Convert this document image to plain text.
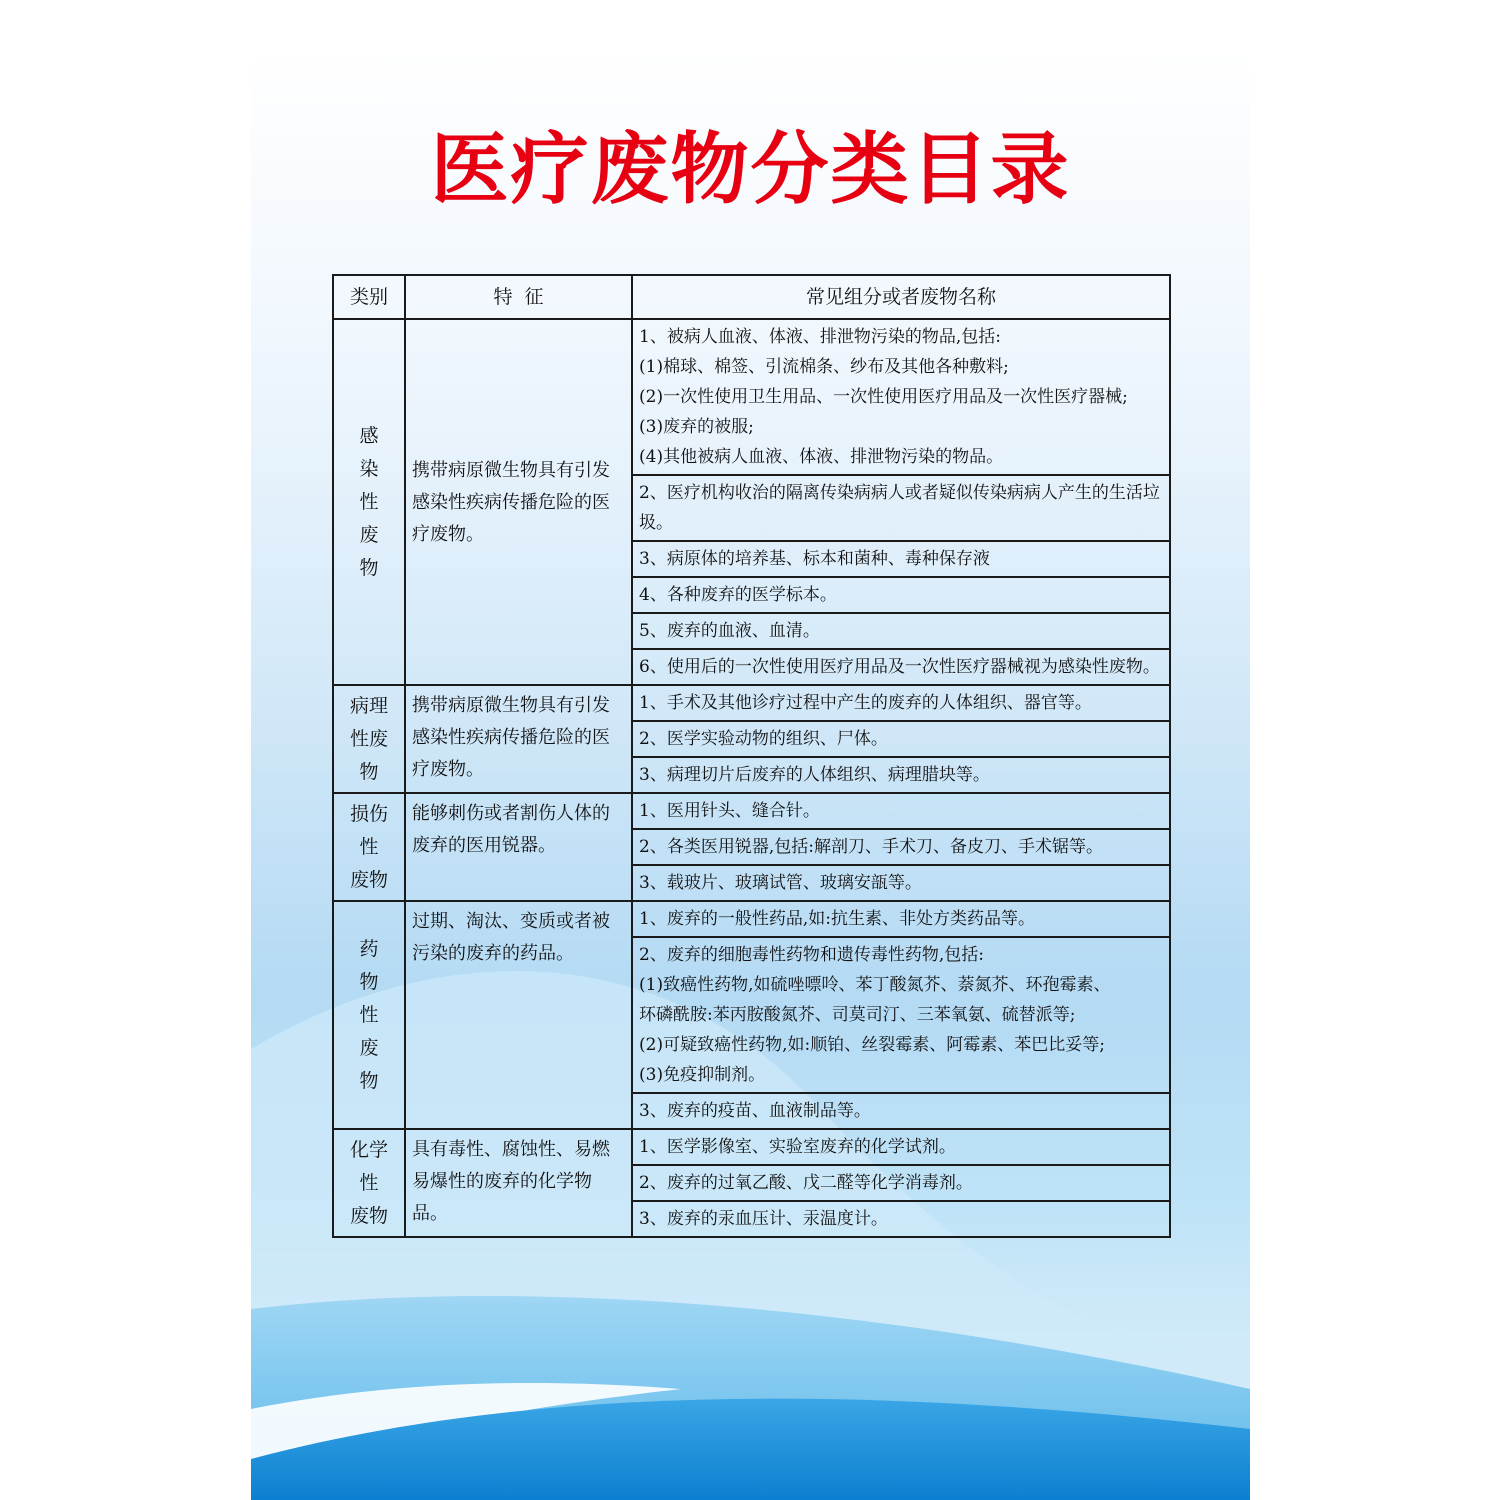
医疗废物分类目录
类别	特  征	常见组分或者废物名称

感
染
性
废
物	携带病原微生物具有引发感染性疾病传播危险的医疗废物。	1、被病人血液、体液、排泄物污染的物品,包括:
(1)棉球、棉签、引流棉条、纱布及其他各种敷料;
(2)一次性使用卫生用品、一次性使用医疗用品及一次性医疗器械;
(3)废弃的被服;
(4)其他被病人血液、体液、排泄物污染的物品。

		2、医疗机构收治的隔离传染病病人或者疑似传染病病人产生的生活垃圾。

		3、病原体的培养基、标本和菌种、毒种保存液

		4、各种废弃的医学标本。

		5、废弃的血液、血清。

		6、使用后的一次性使用医疗用品及一次性医疗器械视为感染性废物。

病理
性废
物	携带病原微生物具有引发感染性疾病传播危险的医疗废物。	1、手术及其他诊疗过程中产生的废弃的人体组织、器官等。

		2、医学实验动物的组织、尸体。

		3、病理切片后废弃的人体组织、病理腊块等。

损伤
性
废物	能够刺伤或者割伤人体的废弃的医用锐器。	1、医用针头、缝合针。

		2、各类医用锐器,包括:解剖刀、手术刀、备皮刀、手术锯等。

		3、载玻片、玻璃试管、玻璃安瓿等。

药
物
性
废
物	过期、淘汰、变质或者被污染的废弃的药品。	1、废弃的一般性药品,如:抗生素、非处方类药品等。

		2、废弃的细胞毒性药物和遗传毒性药物,包括:
(1)致癌性药物,如硫唑嘌呤、苯丁酸氮芥、萘氮芥、环孢霉素、
环磷酰胺:苯丙胺酸氮芥、司莫司汀、三苯氧氨、硫替派等;
(2)可疑致癌性药物,如:顺铂、丝裂霉素、阿霉素、苯巴比妥等;
(3)免疫抑制剂。

		3、废弃的疫苗、血液制品等。

化学
性
废物	具有毒性、腐蚀性、易燃易爆性的废弃的化学物品。	1、医学影像室、实验室废弃的化学试剂。

		2、废弃的过氧乙酸、戊二醛等化学消毒剂。

		3、废弃的汞血压计、汞温度计。
